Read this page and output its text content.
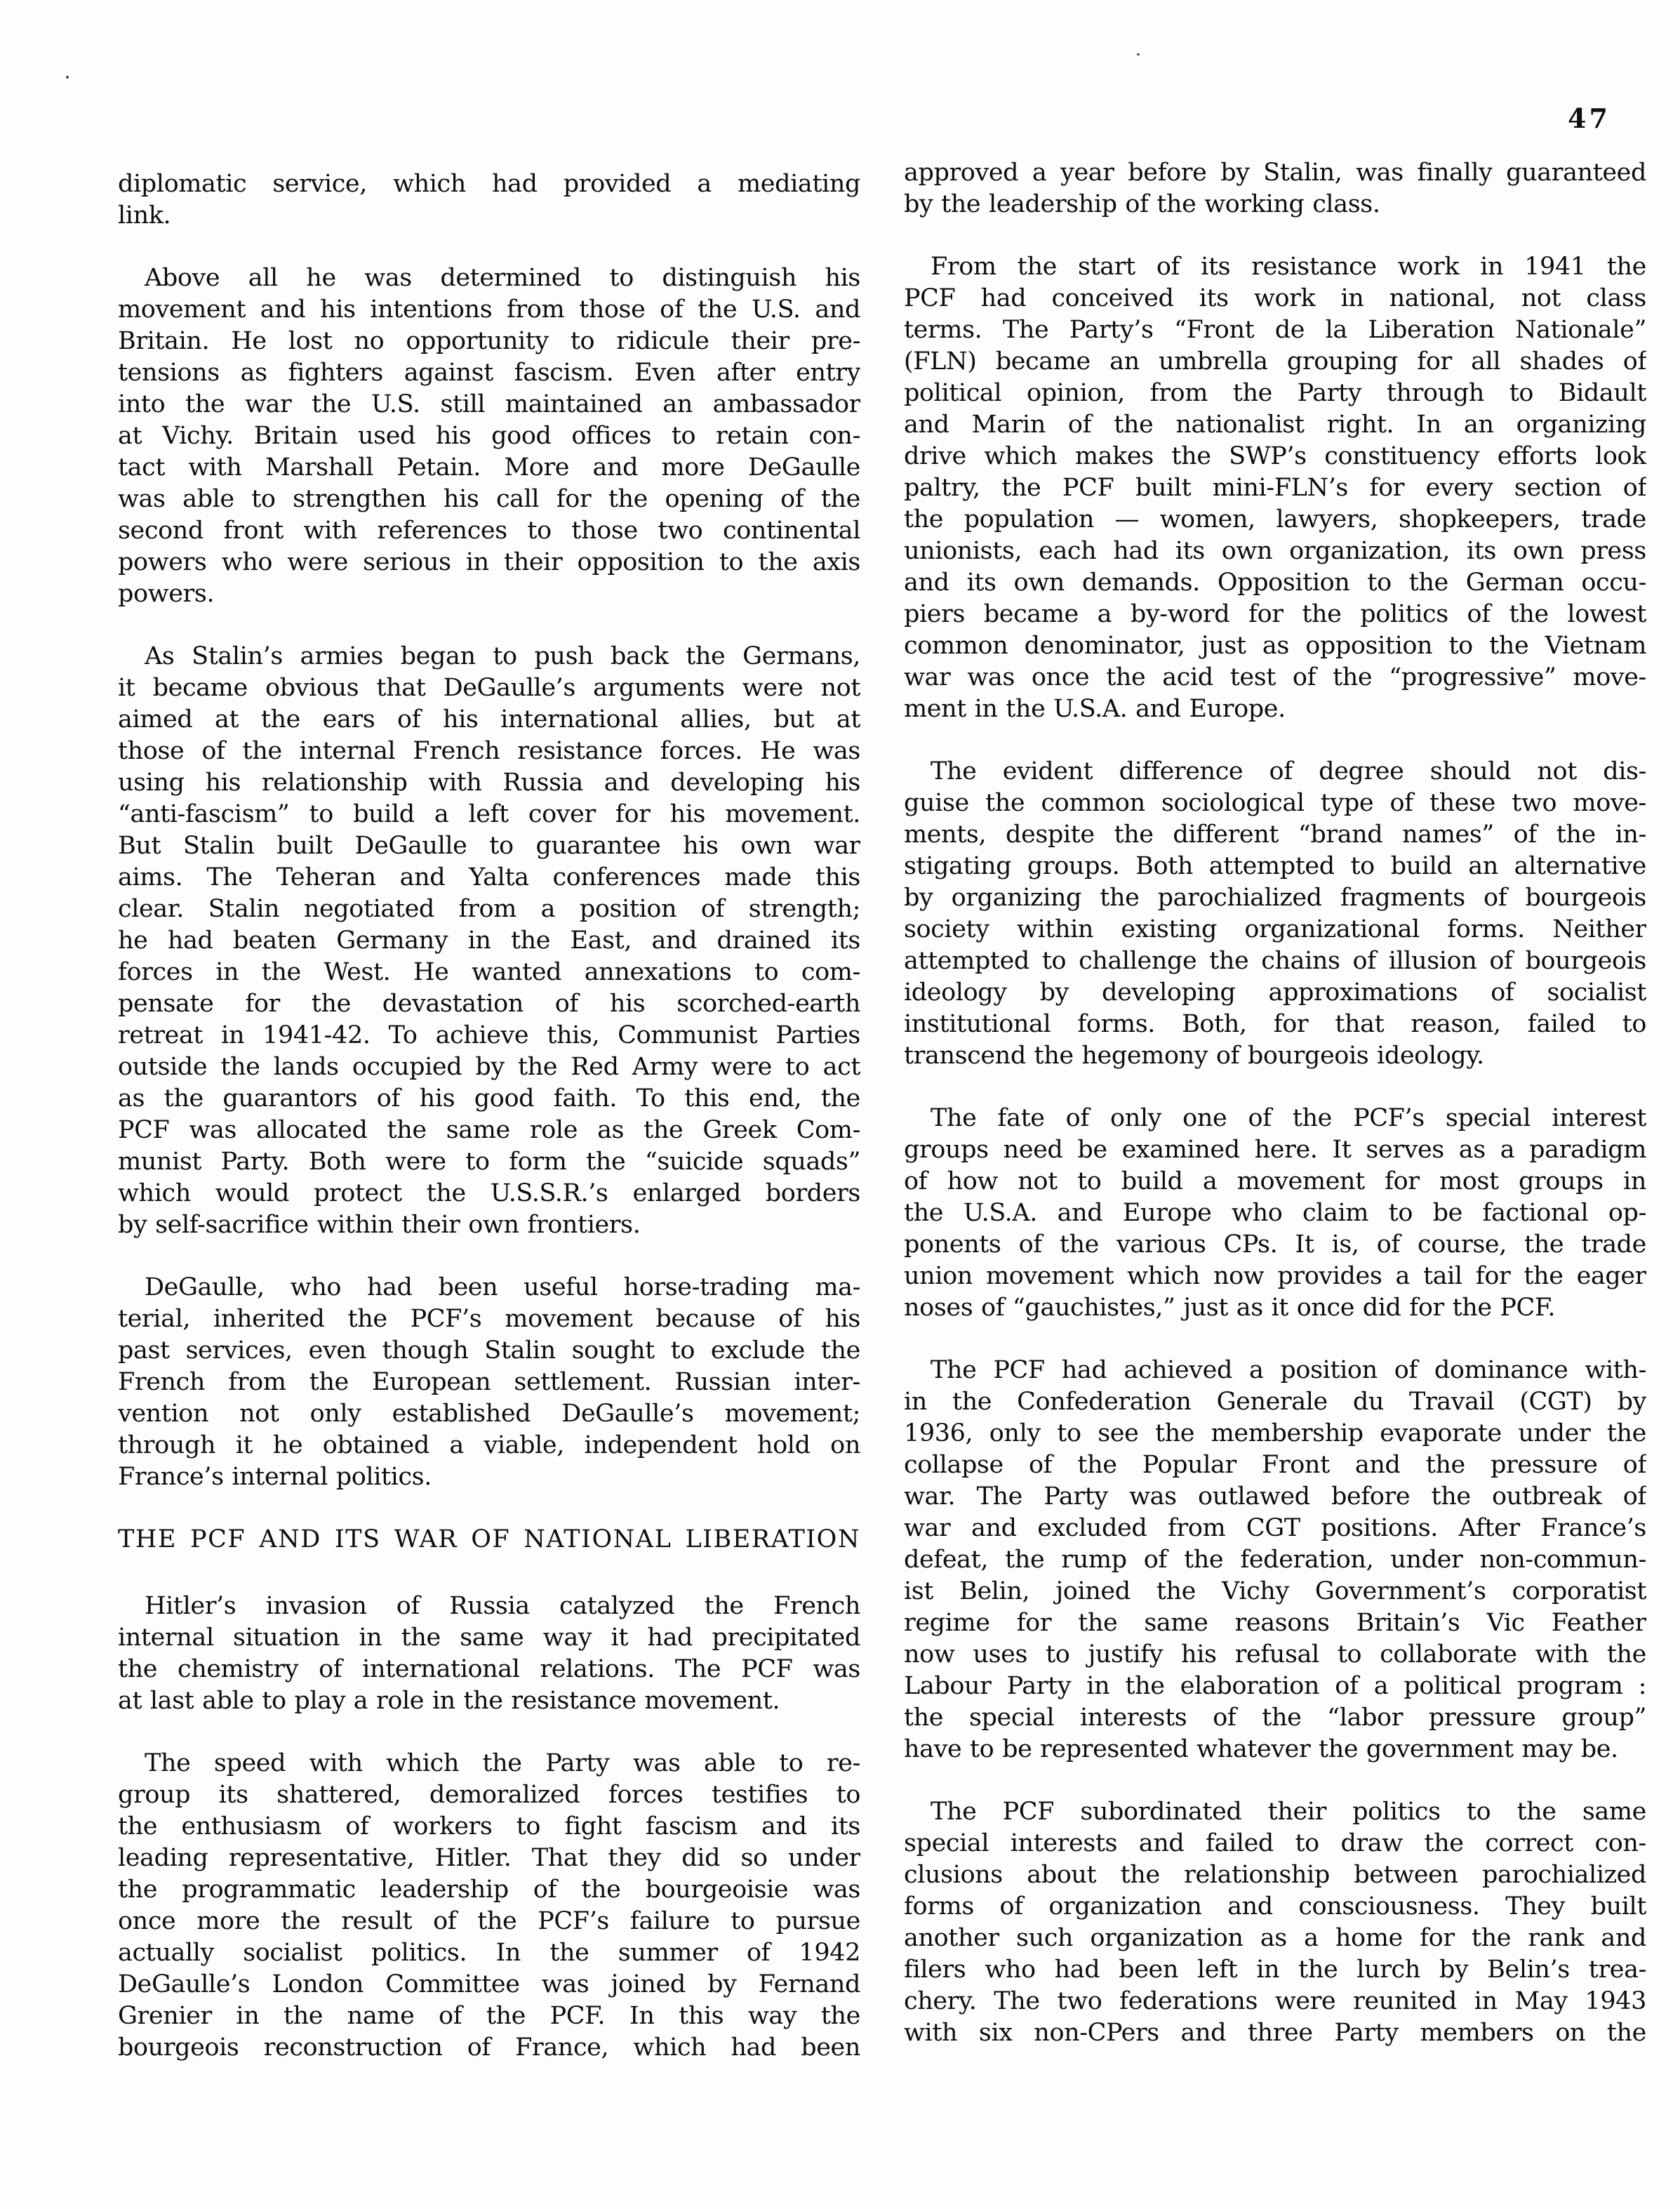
47
diplomatic service, which had provided a mediating
link.
Above all he was determined to distinguish his
movement and his intentions from those of the U.S. and
Britain. He lost no opportunity to ridicule their pre-
tensions as fighters against fascism. Even after entry
into the war the U.S. still maintained an ambassador
at Vichy. Britain used his good offices to retain con-
tact with Marshall Petain. More and more DeGaulle
was able to strengthen his call for the opening of the
second front with references to those two continental
powers who were serious in their opposition to the axis
powers.
As Stalin’s armies began to push back the Germans,
it became obvious that DeGaulle’s arguments were not
aimed at the ears of his international allies, but at
those of the internal French resistance forces. He was
using his relationship with Russia and developing his
“anti-fascism” to build a left cover for his movement.
But Stalin built DeGaulle to guarantee his own war
aims. The Teheran and Yalta conferences made this
clear. Stalin negotiated from a position of strength;
he had beaten Germany in the East, and drained its
forces in the West. He wanted annexations to com-
pensate for the devastation of his scorched-earth
retreat in 1941-42. To achieve this, Communist Parties
outside the lands occupied by the Red Army were to act
as the guarantors of his good faith. To this end, the
PCF was allocated the same role as the Greek Com-
munist Party. Both were to form the “suicide squads”
which would protect the U.S.S.R.’s enlarged borders
by self-sacrifice within their own frontiers.
DeGaulle, who had been useful horse-trading ma-
terial, inherited the PCF’s movement because of his
past services, even though Stalin sought to exclude the
French from the European settlement. Russian inter-
vention not only established DeGaulle’s movement;
through it he obtained a viable, independent hold on
France’s internal politics.
THE PCF AND ITS WAR OF NATIONAL LIBERATION
Hitler’s invasion of Russia catalyzed the French
internal situation in the same way it had precipitated
the chemistry of international relations. The PCF was
at last able to play a role in the resistance movement.
The speed with which the Party was able to re-
group its shattered, demoralized forces testifies to
the enthusiasm of workers to fight fascism and its
leading representative, Hitler. That they did so under
the programmatic leadership of the bourgeoisie was
once more the result of the PCF’s failure to pursue
actually socialist politics. In the summer of 1942
DeGaulle’s London Committee was joined by Fernand
Grenier in the name of the PCF. In this way the
bourgeois reconstruction of France, which had been
approved a year before by Stalin, was finally guaranteed
by the leadership of the working class.
From the start of its resistance work in 1941 the
PCF had conceived its work in national, not class
terms. The Party’s “Front de la Liberation Nationale”
(FLN) became an umbrella grouping for all shades of
political opinion, from the Party through to Bidault
and Marin of the nationalist right. In an organizing
drive which makes the SWP’s constituency efforts look
paltry, the PCF built mini-FLN’s for every section of
the population — women, lawyers, shopkeepers, trade
unionists, each had its own organization, its own press
and its own demands. Opposition to the German occu-
piers became a by-word for the politics of the lowest
common denominator, just as opposition to the Vietnam
war was once the acid test of the “progressive” move-
ment in the U.S.A. and Europe.
The evident difference of degree should not dis-
guise the common sociological type of these two move-
ments, despite the different “brand names” of the in-
stigating groups. Both attempted to build an alternative
by organizing the parochialized fragments of bourgeois
society within existing organizational forms. Neither
attempted to challenge the chains of illusion of bourgeois
ideology by developing approximations of socialist
institutional forms. Both, for that reason, failed to
transcend the hegemony of bourgeois ideology.
The fate of only one of the PCF’s special interest
groups need be examined here. It serves as a paradigm
of how not to build a movement for most groups in
the U.S.A. and Europe who claim to be factional op-
ponents of the various CPs. It is, of course, the trade
union movement which now provides a tail for the eager
noses of “gauchistes,” just as it once did for the PCF.
The PCF had achieved a position of dominance with-
in the Confederation Generale du Travail (CGT) by
1936, only to see the membership evaporate under the
collapse of the Popular Front and the pressure of
war. The Party was outlawed before the outbreak of
war and excluded from CGT positions. After France’s
defeat, the rump of the federation, under non-commun-
ist Belin, joined the Vichy Government’s corporatist
regime for the same reasons Britain’s Vic Feather
now uses to justify his refusal to collaborate with the
Labour Party in the elaboration of a political program :
the special interests of the “labor pressure group”
have to be represented whatever the government may be.
The PCF subordinated their politics to the same
special interests and failed to draw the correct con-
clusions about the relationship between parochialized
forms of organization and consciousness. They built
another such organization as a home for the rank and
filers who had been left in the lurch by Belin’s trea-
chery. The two federations were reunited in May 1943
with six non-CPers and three Party members on the
